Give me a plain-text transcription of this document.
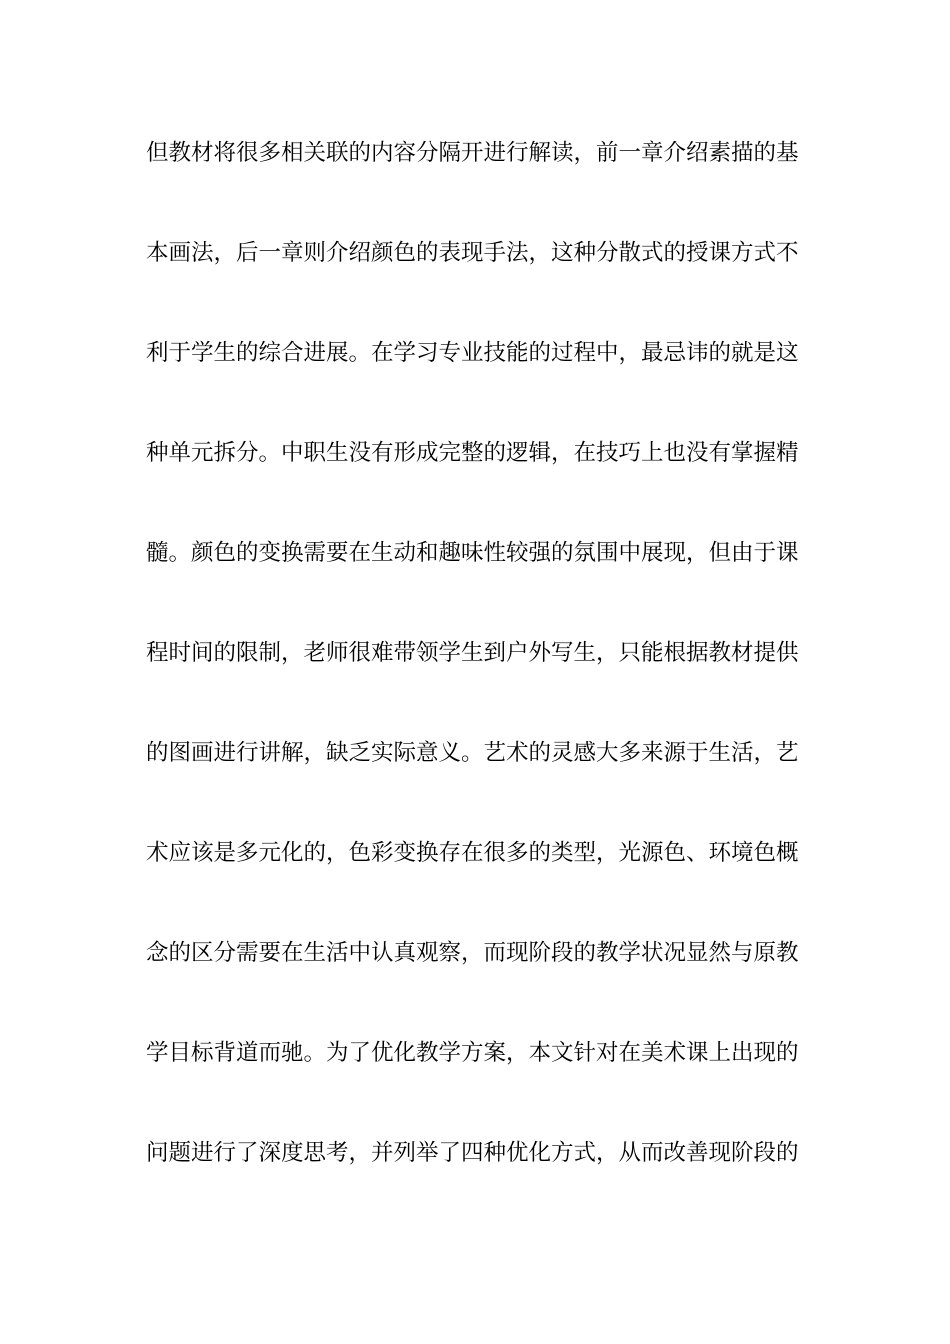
但教材将很多相关联的内容分隔开进行解读，前一章介绍素描的基
本画法，后一章则介绍颜色的表现手法，这种分散式的授课方式不
利于学生的综合进展。在学习专业技能的过程中，最忌讳的就是这
种单元拆分。中职生没有形成完整的逻辑，在技巧上也没有掌握精
髓。颜色的变换需要在生动和趣味性较强的氛围中展现，但由于课
程时间的限制，老师很难带领学生到户外写生，只能根据教材提供
的图画进行讲解，缺乏实际意义。艺术的灵感大多来源于生活，艺
术应该是多元化的，色彩变换存在很多的类型，光源色、环境色概
念的区分需要在生活中认真观察，而现阶段的教学状况显然与原教
学目标背道而驰。为了优化教学方案，本文针对在美术课上出现的
问题进行了深度思考，并列举了四种优化方式，从而改善现阶段的
